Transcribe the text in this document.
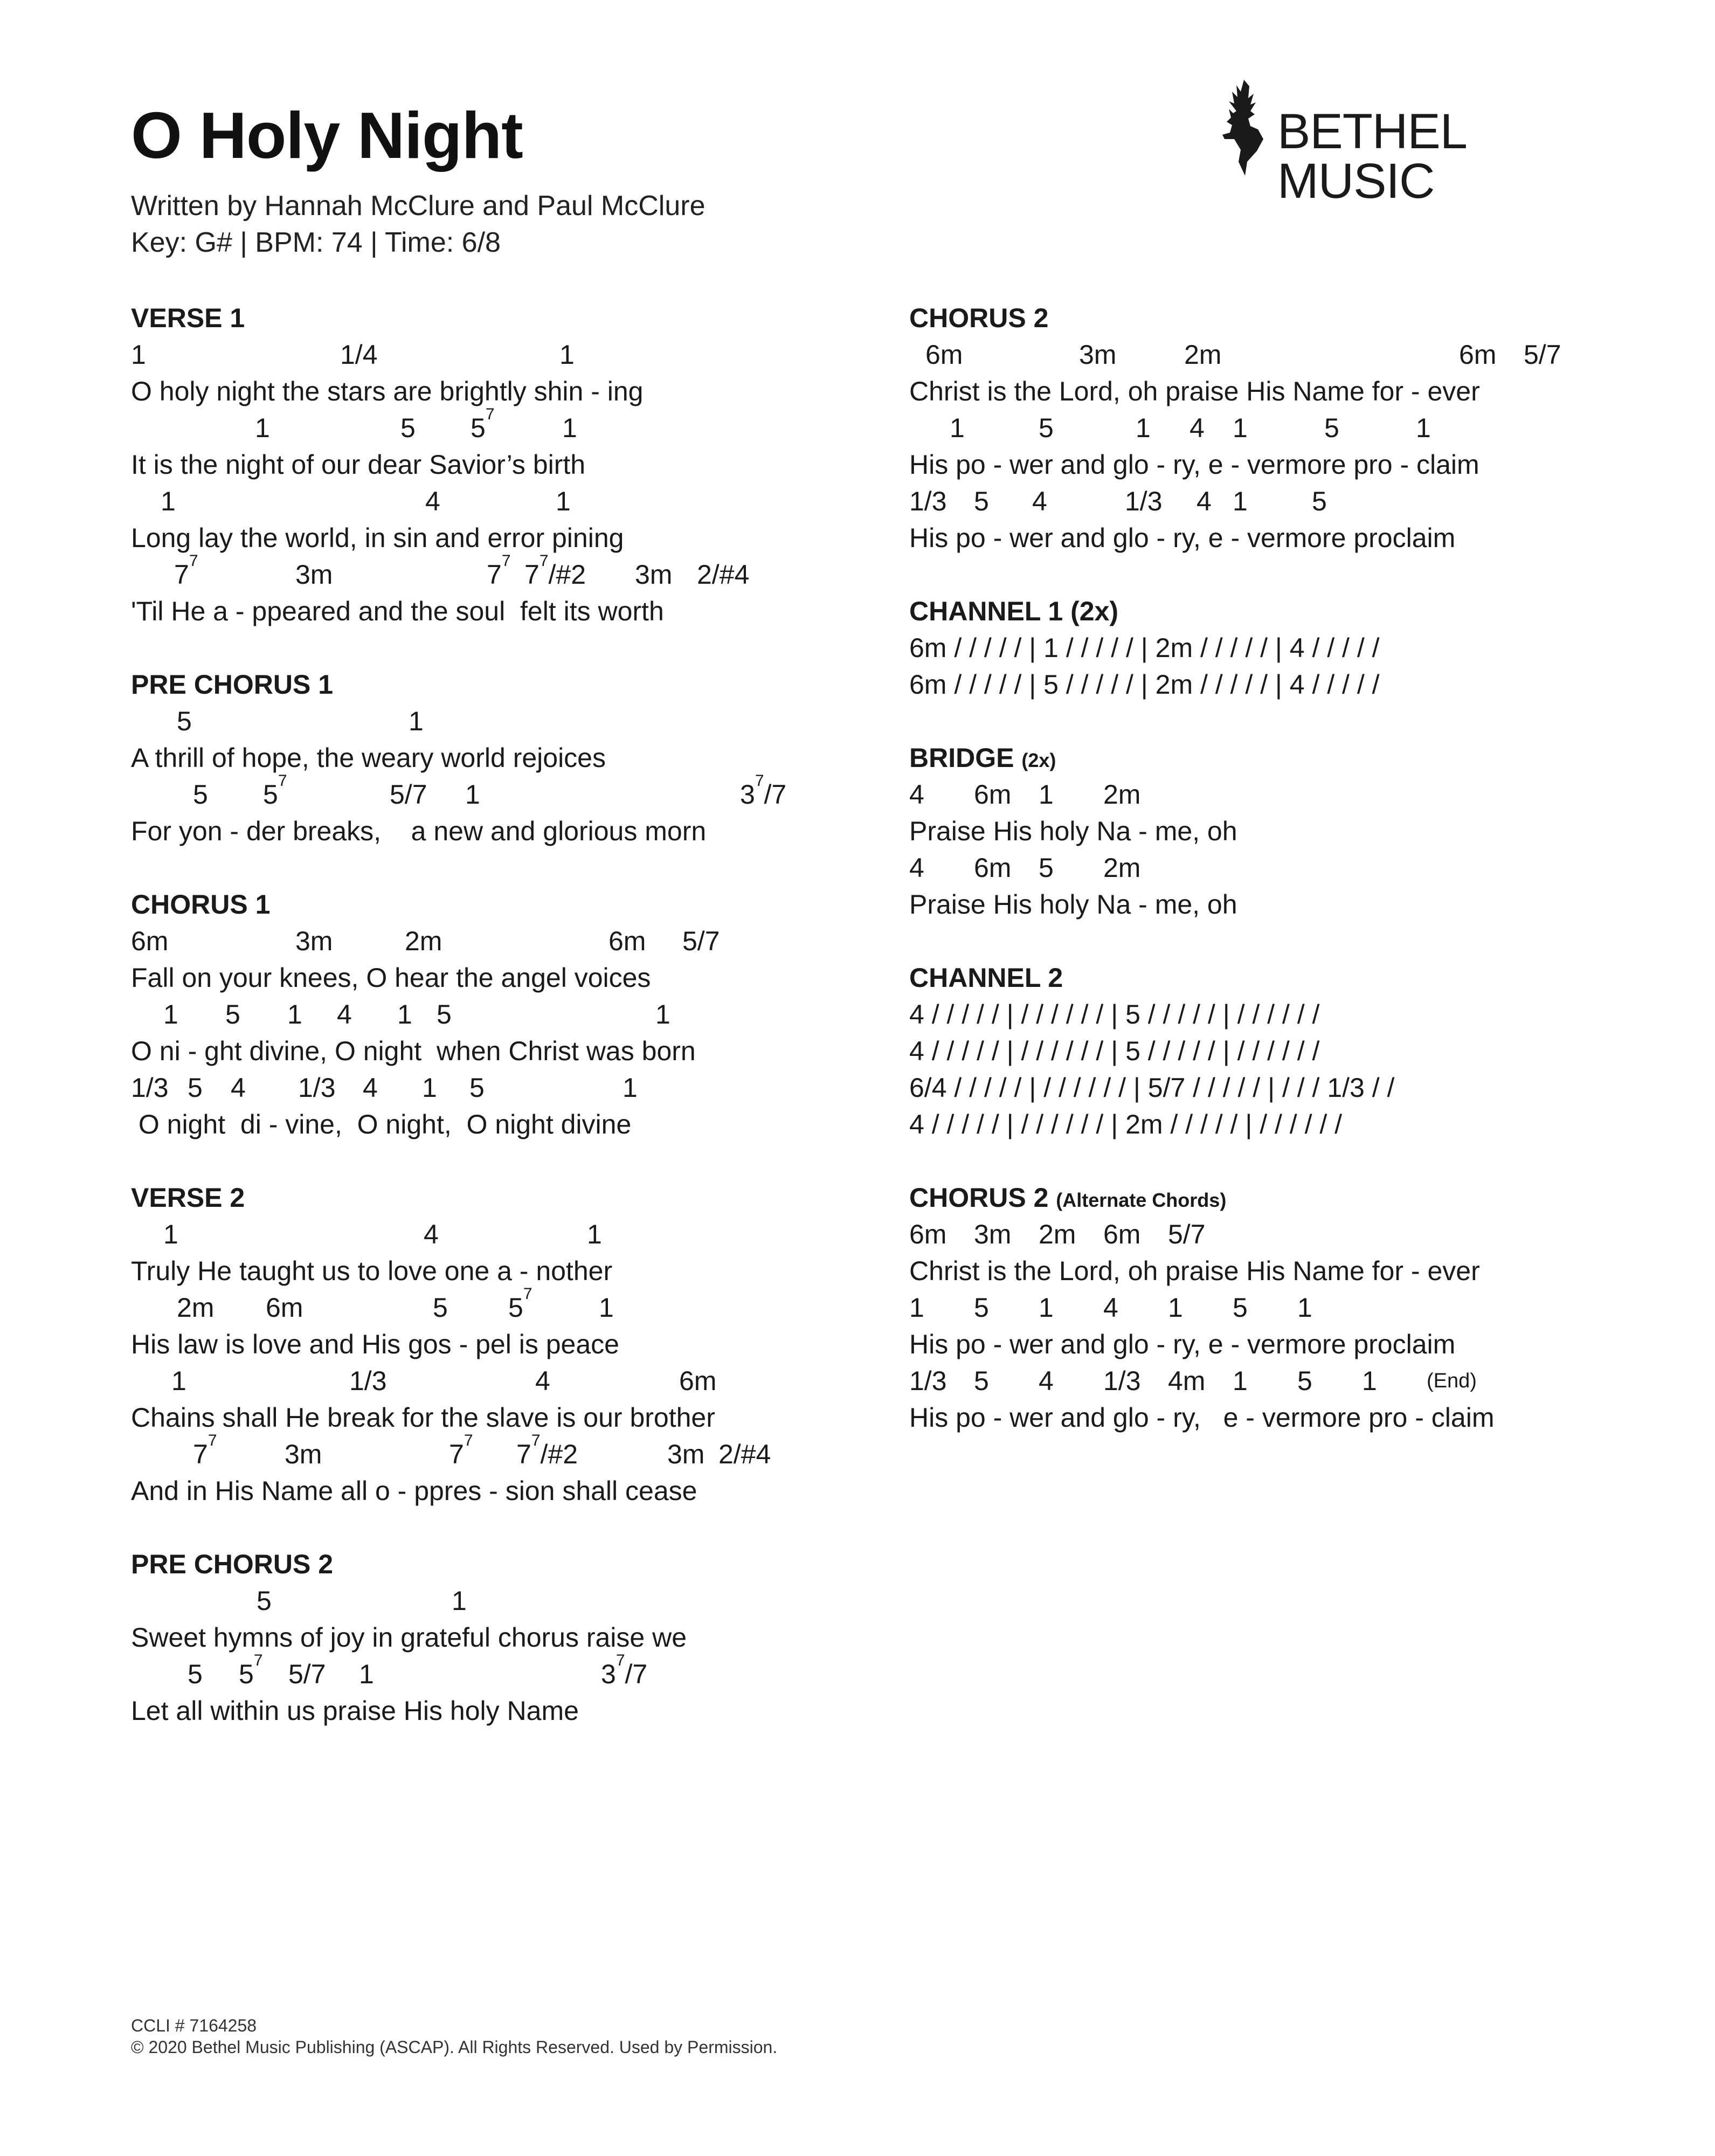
O Holy Night
Written by Hannah McClure and Paul McClure
Key: G# | BPM: 74 | Time: 6/8
BETHEL MUSIC
VERSE 1
1	1/4	1
O holy night the stars are brightly shin - ing
1	5 $5^7$	1
It is the night of our dear Savior’s birth
1	4	1
Long lay the world, in sin and error pining
$7^7$	3m	$7^7$ $7^7/\#2$ 3m 2/#4
'Til He a - ppeared and the soul  felt its worth
PRE CHORUS 1
5	1
A thrill of hope, the weary world rejoices
5 $5^7$	5/7 1	$3^7/7$
For yon - der breaks,    a new and glorious morn
CHORUS 1
6m	3m	2m	6m 5/7
Fall on your knees, O hear the angel voices
1 5 1 4 1 5	1
O ni - ght divine, O night  when Christ was born
1/3 5 4 1/3 4 1 5	1
O night  di - vine,  O night,  O night divine
VERSE 2
1	4	1
Truly He taught us to love one a - nother
2m 6m	5 $5^7$ 1
His law is love and His gos - pel is peace
1	1/3	4	6m
Chains shall He break for the slave is our brother
$7^7$	3m	$7^7$ $7^7/\#2$	3m 2/#4
And in His Name all o - ppres - sion shall cease
PRE CHORUS 2
5	1
Sweet hymns of joy in grateful chorus raise we
5 $5^7$ 5/7 1	$3^7/7$
Let all within us praise His holy Name
CHORUS 2
6m	3m	2m	6m 5/7
Christ is the Lord, oh praise His Name for - ever
1	5	1 4 1	5	1
His po - wer and glo - ry, e - vermore pro - claim
1/3 5 4	1/3 4 1 5
His po - wer and glo - ry, e - vermore proclaim
CHANNEL 1 (2x)
6m / / / / / | 1 / / / / / | 2m / / / / / | 4 / / / / /
6m / / / / / | 5 / / / / / | 2m / / / / / | 4 / / / / /
BRIDGE (2x)
4 6m 1 2m
Praise His holy Na - me, oh
4 6m 5 2m
Praise His holy Na - me, oh
CHANNEL 2
4 / / / / / | / / / / / / | 5 / / / / / | / / / / / /
4 / / / / / | / / / / / / | 5 / / / / / | / / / / / /
6/4 / / / / / | / / / / / / | 5/7 / / / / / | / / / 1/3 / /
4 / / / / / | / / / / / / | 2m / / / / / | / / / / / /
CHORUS 2 (Alternate Chords)
6m 3m 2m 6m 5/7
Christ is the Lord, oh praise His Name for - ever
1 5 1 4 1 5 1
His po - wer and glo - ry, e - vermore proclaim
1/3 5 4 1/3 4m 1 5 1 (End)
His po - wer and glo - ry,   e - vermore pro - claim
CCLI # 7164258
© 2020 Bethel Music Publishing (ASCAP). All Rights Reserved. Used by Permission.
